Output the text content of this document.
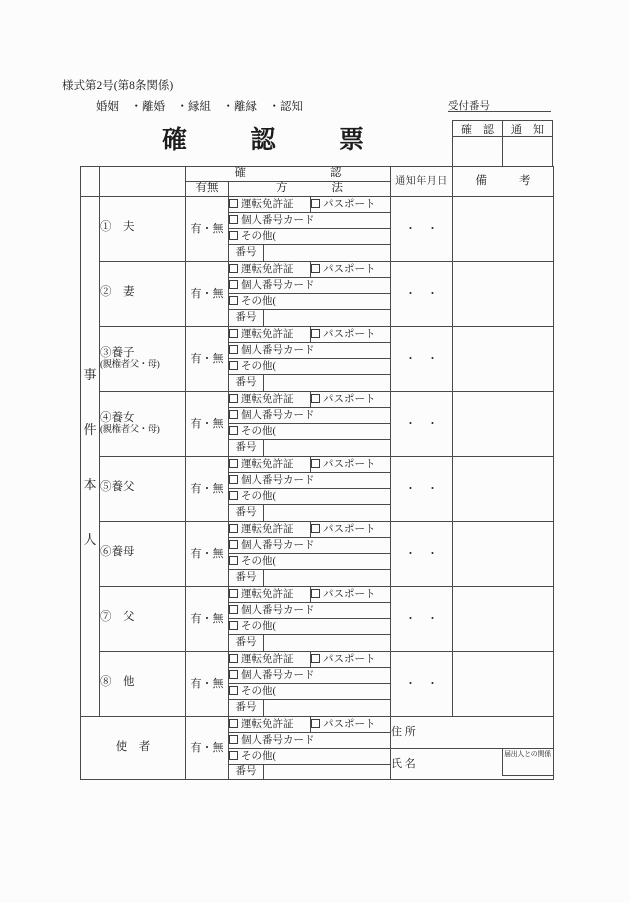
様式第2号(第8条関係)
婚姻　・離婚　・縁組　・離縁　・認知
確	認	票
受付番号
確　認	通　知

		確 認				通知年月日	備 考

		有無	方 法				

事
件
本
人	①　夫	有・無	運転免許証		パスポート	・　・	
			個人番号カード				
			その他(				
			番号				

	②　妻	有・無	運転免許証		パスポート	・　・	
			個人番号カード				
			その他(				
			番号				

	③養子
(親権者父・母)	有・無	運転免許証		パスポート	・　・	
			個人番号カード				
			その他(				
			番号				

	④養女
(親権者父・母)	有・無	運転免許証		パスポート	・　・	
			個人番号カード				
			その他(				
			番号				

	⑤養父	有・無	運転免許証		パスポート	・　・	
			個人番号カード				
			その他(				
			番号				

	⑥養母	有・無	運転免許証		パスポート	・　・	
			個人番号カード				
			その他(				
			番号				

	⑦　父	有・無	運転免許証		パスポート	・　・	
			個人番号カード				
			その他(				
			番号				

	⑧　他	有・無	運転免許証		パスポート	・　・	
			個人番号カード				
			その他(				
			番号				
使　者		有・無	運転免許証		パスポート	住 所	
			個人番号カード				
			その他(			氏 名
届出人との関係	

			番号				
